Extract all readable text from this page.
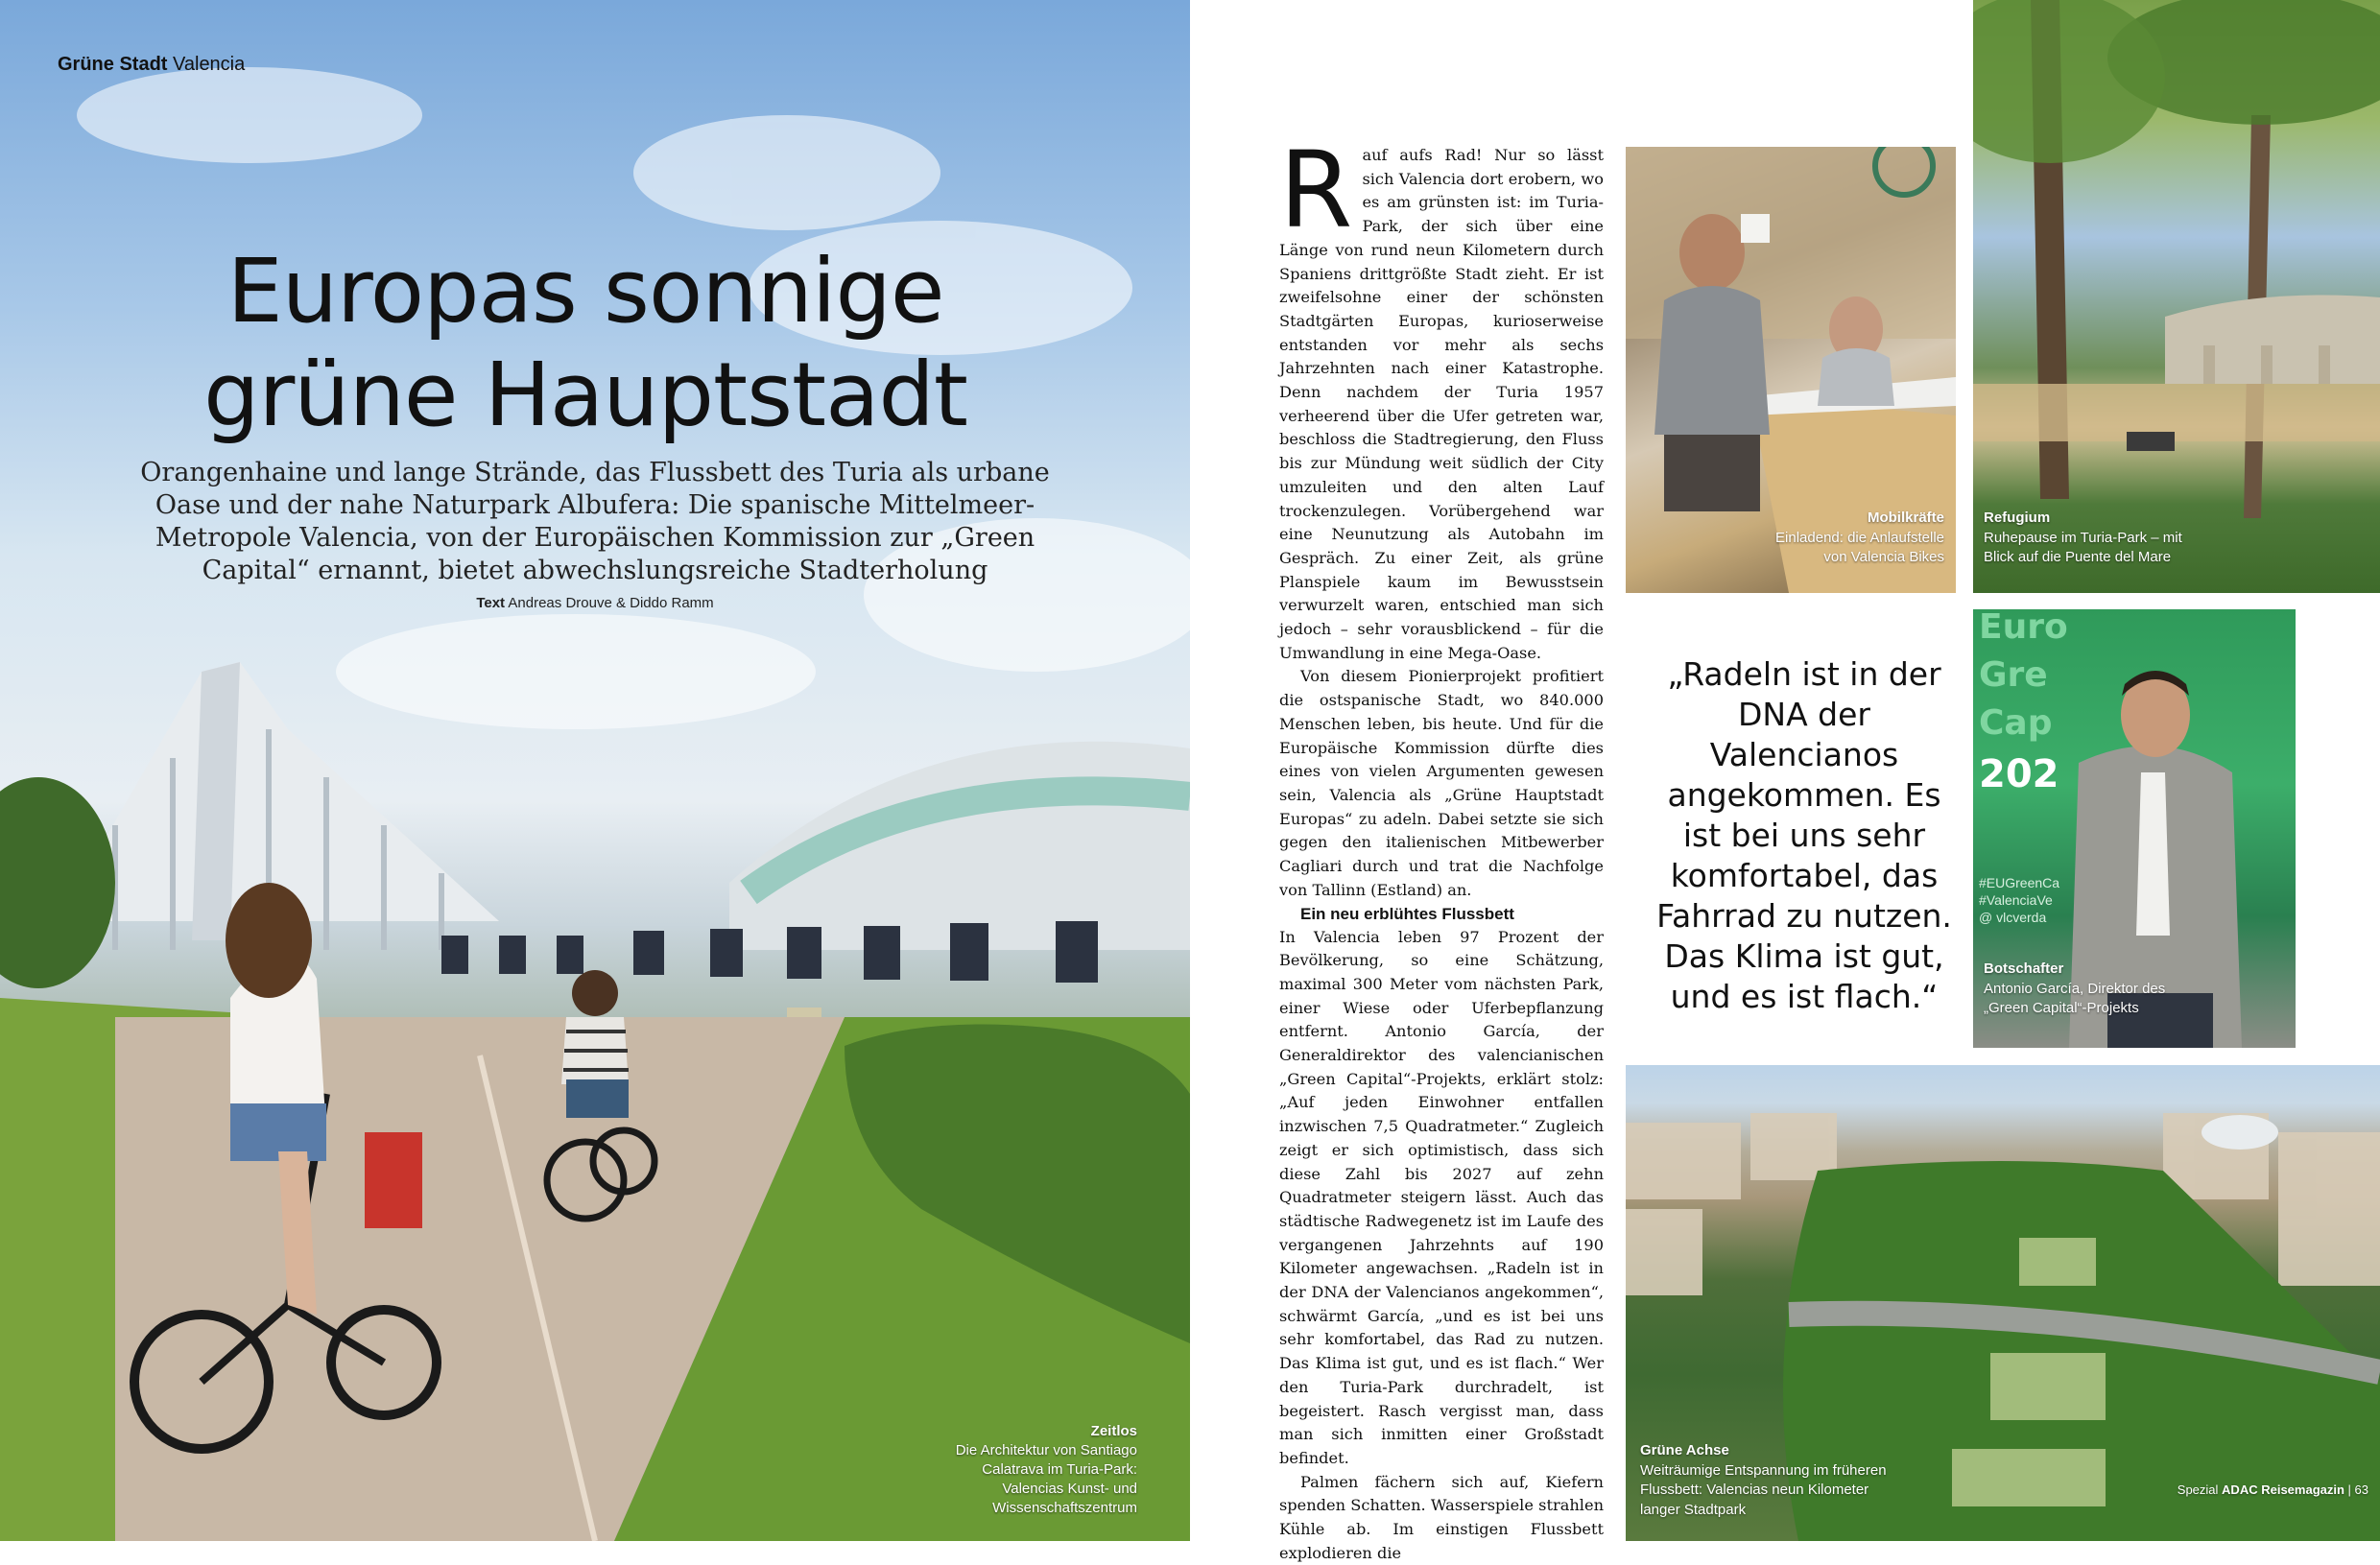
Grüne Stadt Valencia
Europas sonnige
grüne Hauptstadt
Orangenhaine und lange Strände, das Flussbett des Turia als urbane Oase und der nahe Naturpark Albufera: Die spanische Mittelmeer-Metropole Valencia, von der Europäischen Kommission zur „Green Capital“ ernannt, bietet abwechslungsreiche Stadterholung
Text Andreas Drouve & Diddo Ramm
Zeitlos
Die Architektur von Santiago Calatrava im Turia-Park: Valencias Kunst- und Wissenschaftszentrum

Rauf aufs Rad! Nur so lässt sich Valencia dort erobern, wo es am grünsten ist: im Turia-Park, der sich über eine Länge von rund neun Kilometern durch Spaniens drittgrößte Stadt zieht. Er ist zweifelsohne einer der schönsten Stadtgärten Europas, kurioserweise entstanden vor mehr als sechs Jahrzehnten nach einer Katastrophe. Denn nachdem der Turia 1957 verheerend über die Ufer getreten war, beschloss die Stadtregierung, den Fluss bis zur Mündung weit südlich der City umzuleiten und den alten Lauf trockenzulegen. Vorübergehend war eine Neunutzung als Autobahn im Gespräch. Zu einer Zeit, als grüne Planspiele kaum im Bewusstsein verwurzelt waren, entschied man sich jedoch – sehr vorausblickend – für die Umwandlung in eine Mega-Oase.

Von diesem Pionierprojekt profitiert die ostspanische Stadt, wo 840.000 Menschen leben, bis heute. Und für die Europäische Kommission dürfte dies eines von vielen Argumenten gewesen sein, Valencia als „Grüne Hauptstadt Europas“ zu adeln. Dabei setzte sie sich gegen den italienischen Mitbewerber Cagliari durch und trat die Nachfolge von Tallinn (Estland) an.

Ein neu erblühtes Flussbett

In Valencia leben 97 Prozent der Bevölkerung, so eine Schätzung, maximal 300 Meter vom nächsten Park, einer Wiese oder Uferbepflanzung entfernt. Antonio García, der Generaldirektor des valencianischen „Green Capital“-Projekts, erklärt stolz: „Auf jeden Einwohner entfallen inzwischen 7,5 Quadratmeter.“ Zugleich zeigt er sich optimistisch, dass sich diese Zahl bis 2027 auf zehn Quadratmeter steigern lässt. Auch das städtische Radwegenetz ist im Laufe des vergangenen Jahrzehnts auf 190 Kilometer angewachsen. „Radeln ist in der DNA der Valencianos angekommen“, schwärmt García, „und es ist bei uns sehr komfortabel, das Rad zu nutzen. Das Klima ist gut, und es ist flach.“ Wer den Turia-Park durchradelt, ist begeistert. Rasch vergisst man, dass man sich inmitten einer Großstadt befindet.

Palmen fächern sich auf, Kiefern spenden Schatten. Wasserspiele strahlen Kühle ab. Im einstigen Flussbett explodieren die

Mobilkräfte
Einladend: die Anlaufstelle von Valencia Bikes
Refugium
Ruhepause im Turia-Park – mit Blick auf die Puente del Mare
„Radeln ist in der DNA der Valencianos angekommen. Es ist bei uns sehr komfortabel, das Fahrrad zu nutzen. Das Klima ist gut, und es ist flach.“
Euro
Gre
Cap
202
#EUGreenCa
#ValenciaVe
@ vlcverda
Botschafter
Antonio García, Direktor des „Green Capital“-Projekts
Grüne Achse
Weiträumige Entspannung im früheren Flussbett: Valencias neun Kilometer langer Stadtpark
Spezial ADAC Reisemagazin | 63
